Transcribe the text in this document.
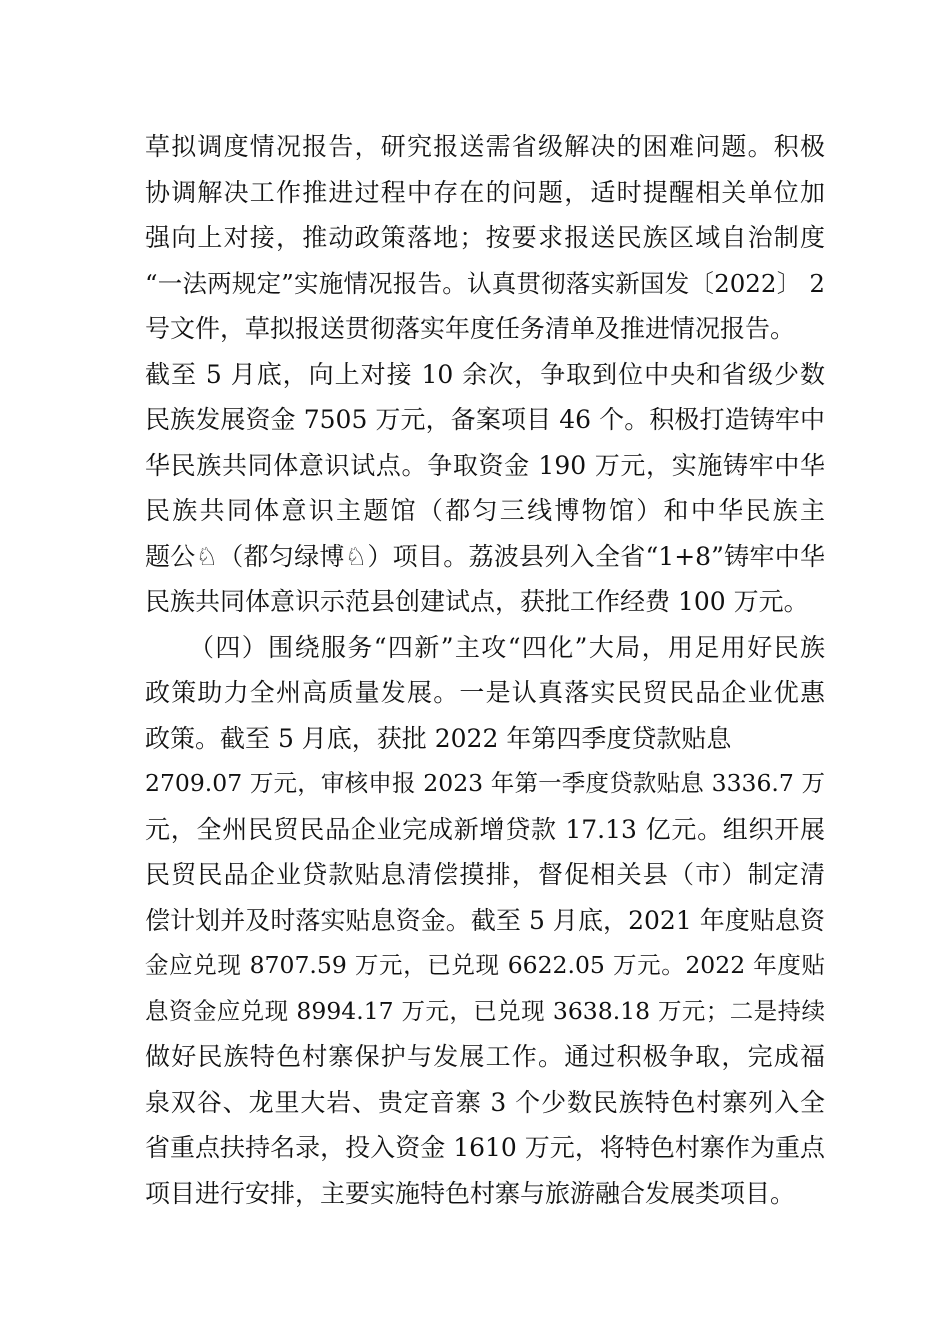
草拟调度情况报告，研究报送需省级解决的困难问题。积极
协调解决工作推进过程中存在的问题，适时提醒相关单位加
强向上对接，推动政策落地；按要求报送民族区域自治制度
“一法两规定”实施情况报告。认真贯彻落实新国发〔2022〕 2
号文件，草拟报送贯彻落实年度任务清单及推进情况报告。
截至 5 月底，向上对接 10 余次，争取到位中央和省级少数
民族发展资金 7505 万元，备案项目 46 个。积极打造铸牢中
华民族共同体意识试点。争取资金 190 万元，实施铸牢中华
民族共同体意识主题馆（都匀三线博物馆）和中华民族主
题公♘（都匀绿博♘）项目。荔波县列入全省“1+8”铸牢中华
民族共同体意识示范县创建试点，获批工作经费 100 万元。
（四）围绕服务“四新”主攻“四化”大局，用足用好民族
政策助力全州高质量发展。一是认真落实民贸民品企业优惠
政策。截至 5 月底，获批 2022 年第四季度贷款贴息
2709.07 万元，审核申报 2023 年第一季度贷款贴息 3336.7 万
元，全州民贸民品企业完成新增贷款 17.13 亿元。组织开展
民贸民品企业贷款贴息清偿摸排，督促相关县（市）制定清
偿计划并及时落实贴息资金。截至 5 月底，2021 年度贴息资
金应兑现 8707.59 万元，已兑现 6622.05 万元。2022 年度贴
息资金应兑现 8994.17 万元，已兑现 3638.18 万元；二是持续
做好民族特色村寨保护与发展工作。通过积极争取，完成福
泉双谷、龙里大岩、贵定音寨 3 个少数民族特色村寨列入全
省重点扶持名录，投入资金 1610 万元，将特色村寨作为重点
项目进行安排，主要实施特色村寨与旅游融合发展类项目。
